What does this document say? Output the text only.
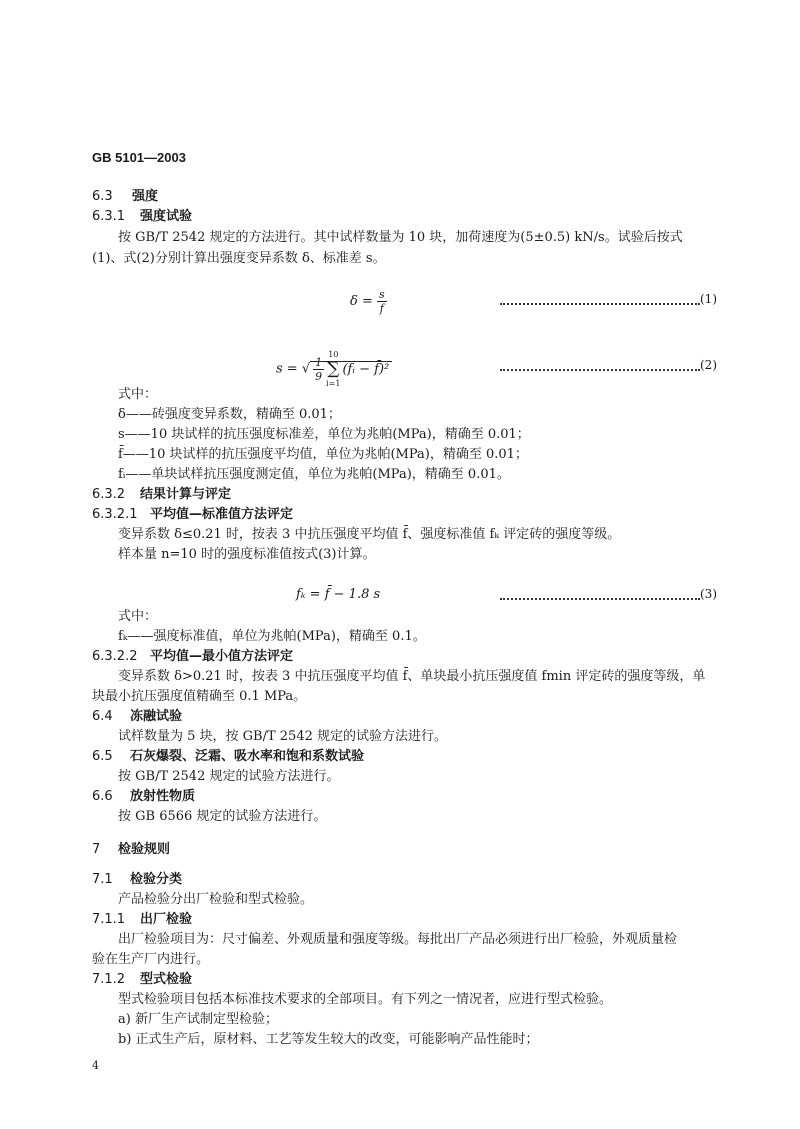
GB 5101—2003
6.3 强度
6.3.1 强度试验
按 GB/T 2542 规定的方法进行。其中试样数量为 10 块，加荷速度为(5±0.5) kN/s。试验后按式
(1)、式(2)分别计算出强度变异系数 δ、标准差 s。
$\delta = \frac{s}{f̄}$	(1)
s = √ $\frac{1}{9}$
10
∑
i=1
(fᵢ − f̄)²	(2)
式中：
δ——砖强度变异系数，精确至 0.01；
s——10 块试样的抗压强度标准差，单位为兆帕(MPa)，精确至 0.01；
f̄——10 块试样的抗压强度平均值，单位为兆帕(MPa)，精确至 0.01；
fᵢ——单块试样抗压强度测定值，单位为兆帕(MPa)，精确至 0.01。
6.3.2 结果计算与评定
6.3.2.1 平均值—标准值方法评定
变异系数 δ≤0.21 时，按表 3 中抗压强度平均值 f̄、强度标准值 fₖ 评定砖的强度等级。
样本量 n=10 时的强度标准值按式(3)计算。
fₖ = f̄ − 1.8 s	(3)
式中：
fₖ——强度标准值，单位为兆帕(MPa)，精确至 0.1。
6.3.2.2 平均值—最小值方法评定
变异系数 δ>0.21 时，按表 3 中抗压强度平均值 f̄、单块最小抗压强度值 fmin 评定砖的强度等级，单
块最小抗压强度值精确至 0.1 MPa。
6.4 冻融试验
试样数量为 5 块，按 GB/T 2542 规定的试验方法进行。
6.5 石灰爆裂、泛霜、吸水率和饱和系数试验
按 GB/T 2542 规定的试验方法进行。
6.6 放射性物质
按 GB 6566 规定的试验方法进行。
7 检验规则
7.1 检验分类
产品检验分出厂检验和型式检验。
7.1.1 出厂检验
出厂检验项目为：尺寸偏差、外观质量和强度等级。每批出厂产品必须进行出厂检验，外观质量检
验在生产厂内进行。
7.1.2 型式检验
型式检验项目包括本标准技术要求的全部项目。有下列之一情况者，应进行型式检验。
a) 新厂生产试制定型检验；
b) 正式生产后，原材料、工艺等发生较大的改变，可能影响产品性能时；
4
